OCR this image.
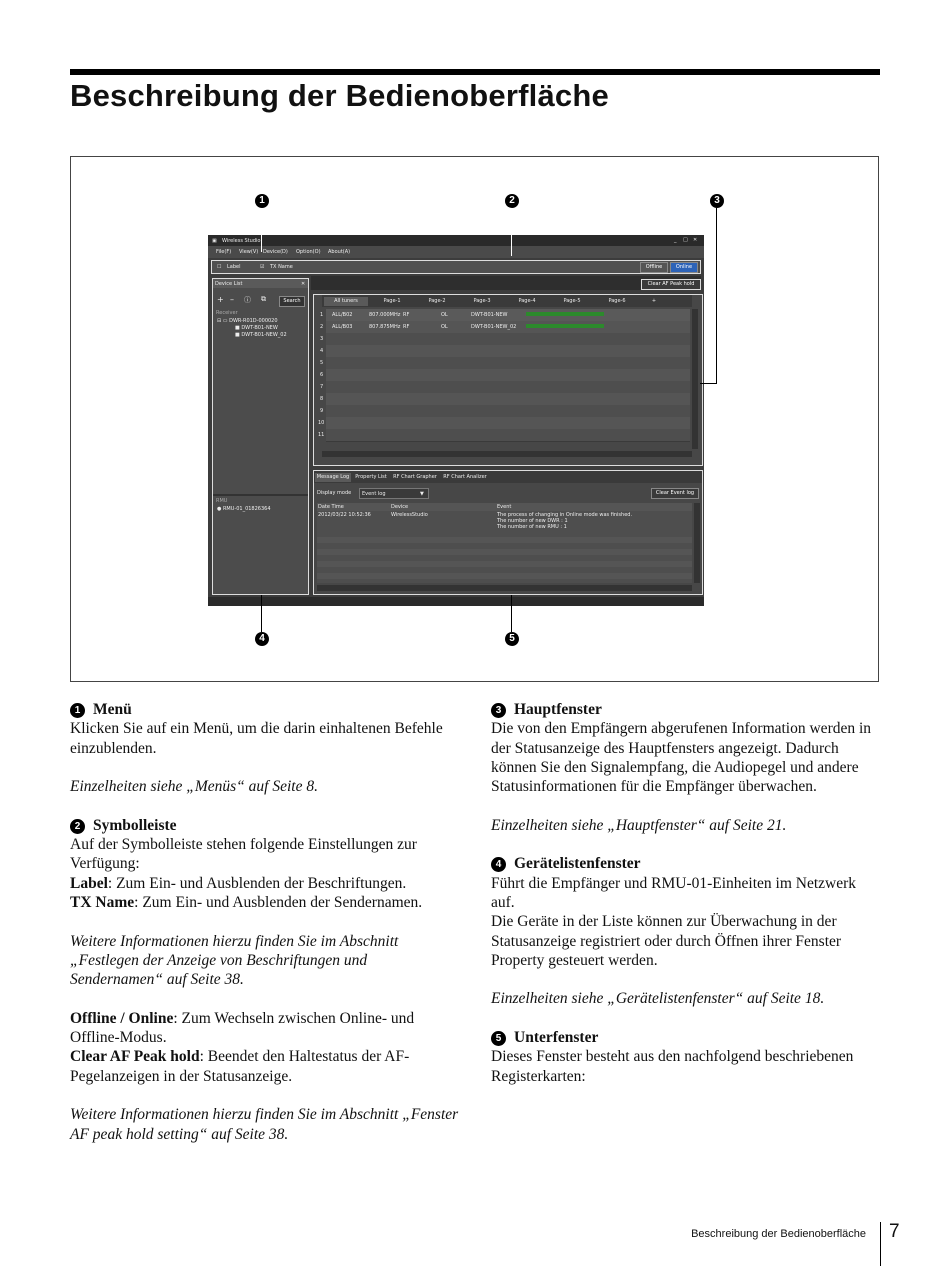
Beschreibung der Bedienoberfläche
1	2	3
4	5
▣ Wireless Studio	_ □ ✕
File(F) View(V) Device(D) Option(O) About(A)
☐ Label	☑ TX Name	Offline	Online
Clear AF Peak hold
Device List	✕
+ – ⓘ ⧉	Search
Receiver
⊟ ▭ DWR-R01D-000020
■ DWT-B01-NEW
■ DWT-B01-NEW_02
RMU
● RMU-01_01826364
All tuners	Page-1	Page-2	Page-3	Page-4	Page-5	Page-6	+
1 ALL/B02	807.000MHz RF	OL	DWT-B01-NEW
2 ALL/B03	807.875MHz RF	OL	DWT-B01-NEW_02
3
4
5
6
7
8
9
10
11
Message Log	Property List	RF Chart Grapher	RF Chart Analizer
Display mode Event log	▼	Clear Event log
Date Time	Device	Event
2012/03/22 10:52:36	WirelessStudio	The process of changing in Online mode was finished.
The number of new DWR : 1
The number of new RMU : 1

1 Menü

Klicken Sie auf ein Menü, um die darin einhaltenen Befehle einzublenden.

Einzelheiten siehe „Menüs“ auf Seite 8.

2 Symbolleiste

Auf der Symbolleiste stehen folgende Einstellungen zur Verfügung:

Label: Zum Ein- und Ausblenden der Beschriftungen.

TX Name: Zum Ein- und Ausblenden der Sendernamen.

Weitere Informationen hierzu finden Sie im Abschnitt „Festlegen der Anzeige von Beschriftungen und Sendernamen“ auf Seite 38.

Offline / Online: Zum Wechseln zwischen Online- und Offline-Modus.

Clear AF Peak hold: Beendet den Haltestatus der AF-Pegelanzeigen in der Statusanzeige.

Weitere Informationen hierzu finden Sie im Abschnitt „Fenster AF peak hold setting“ auf Seite 38.

3 Hauptfenster

Die von den Empfängern abgerufenen Information werden in der Statusanzeige des Hauptfensters angezeigt. Dadurch können Sie den Signalempfang, die Audiopegel und andere Statusinformationen für die Empfänger überwachen.

Einzelheiten siehe „Hauptfenster“ auf Seite 21.

4 Gerätelistenfenster

Führt die Empfänger und RMU-01-Einheiten im Netzwerk auf.

Die Geräte in der Liste können zur Überwachung in der Statusanzeige registriert oder durch Öffnen ihrer Fenster Property gesteuert werden.

Einzelheiten siehe „Gerätelistenfenster“ auf Seite 18.

5 Unterfenster

Dieses Fenster besteht aus den nachfolgend beschriebenen Registerkarten:

Beschreibung der Bedienoberfläche 7
